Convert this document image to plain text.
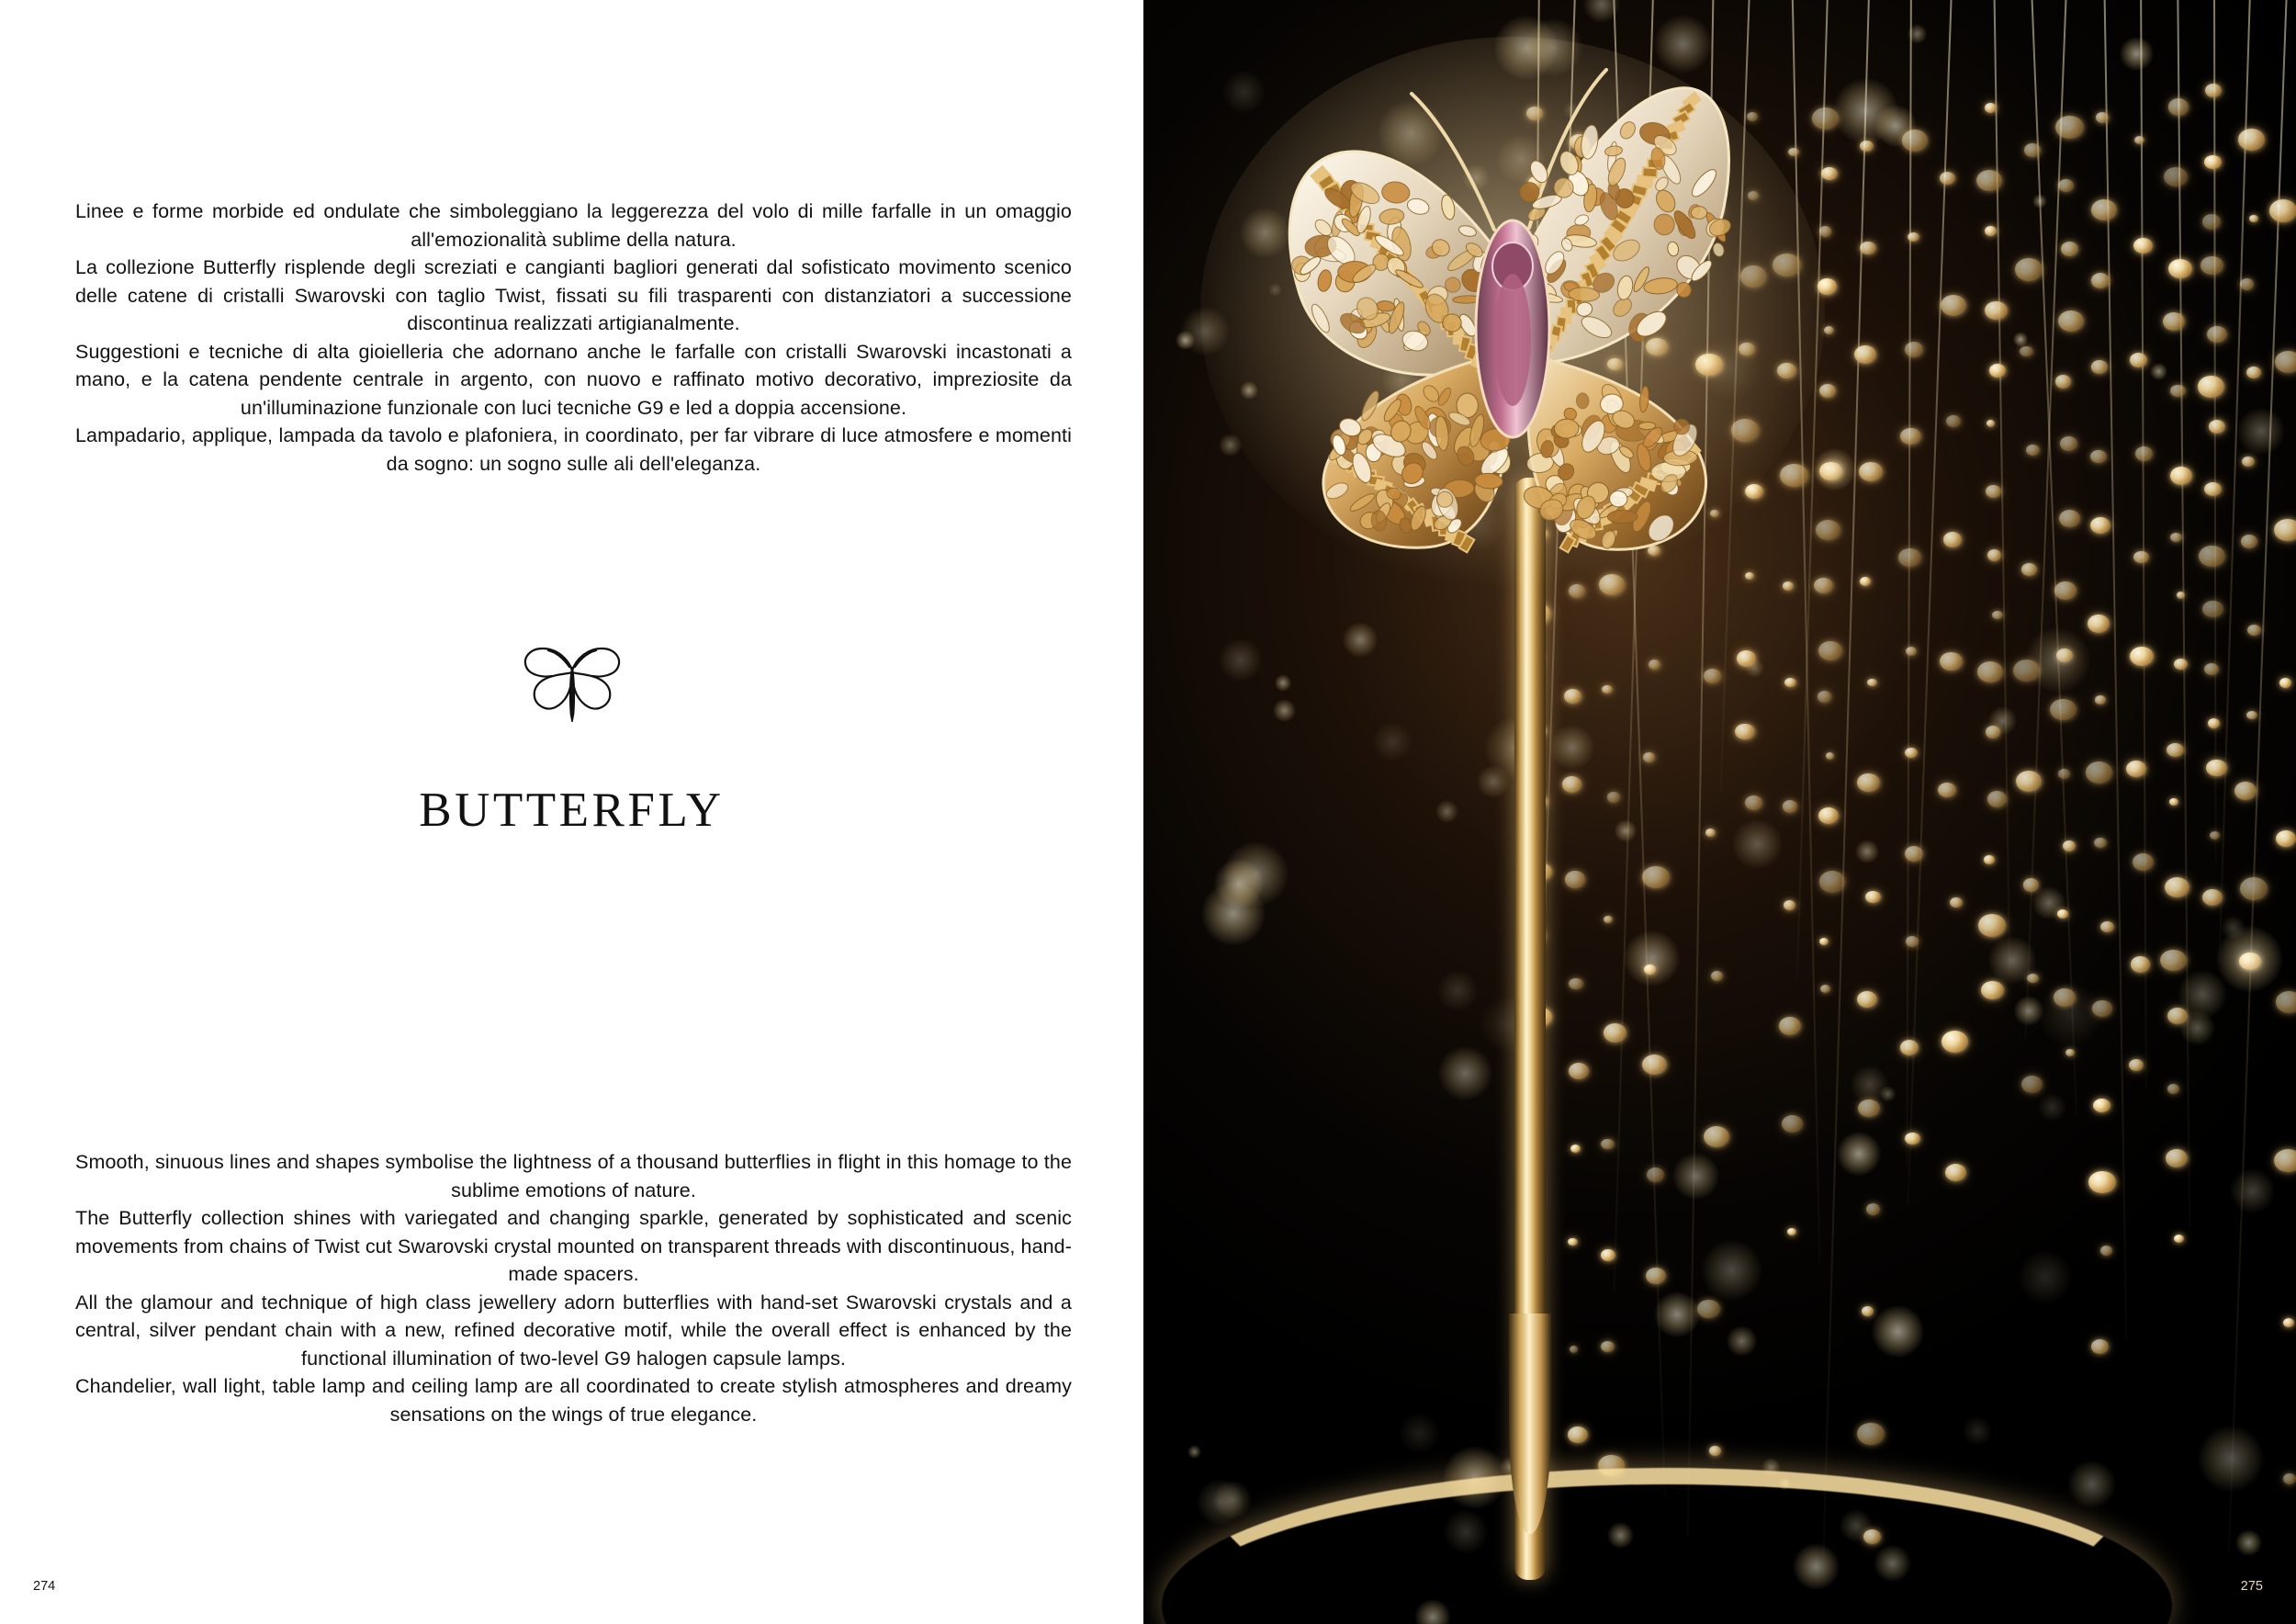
Linee e forme morbide ed ondulate che simboleggiano la leggerezza del volo di mille farfalle in un omaggio all'emozionalità sublime della natura.

La collezione Butterfly risplende degli screziati e cangianti bagliori generati dal sofisticato movimento scenico delle catene di cristalli Swarovski con taglio Twist, fissati su fili trasparenti con distanziatori a successione discontinua realizzati artigianalmente.

Suggestioni e tecniche di alta gioielleria che adornano anche le farfalle con cristalli Swarovski incastonati a mano, e la catena pendente centrale in argento, con nuovo e raffinato motivo decorativo, impreziosite da un'illuminazione funzionale con luci tecniche G9 e led a doppia accensione.

Lampadario, applique, lampada da tavolo e plafoniera, in coordinato, per far vibrare di luce atmosfere e momenti da sogno: un sogno sulle ali dell'eleganza.

BUTTERFLY

Smooth, sinuous lines and shapes symbolise the lightness of a thousand butterflies in flight in this homage to the sublime emotions of nature.

The Butterfly collection shines with variegated and changing sparkle, generated by sophisticated and scenic movements from chains of Twist cut Swarovski crystal mounted on transparent threads with discontinuous, hand-made spacers.

All the glamour and technique of high class jewellery adorn butterflies with hand-set Swarovski crystals and a central, silver pendant chain with a new, refined decorative motif, while the overall effect is enhanced by the functional illumination of two-level G9 halogen capsule lamps.

Chandelier, wall light, table lamp and ceiling lamp are all coordinated to create stylish atmospheres and dreamy sensations on the wings of true elegance.

274	275
